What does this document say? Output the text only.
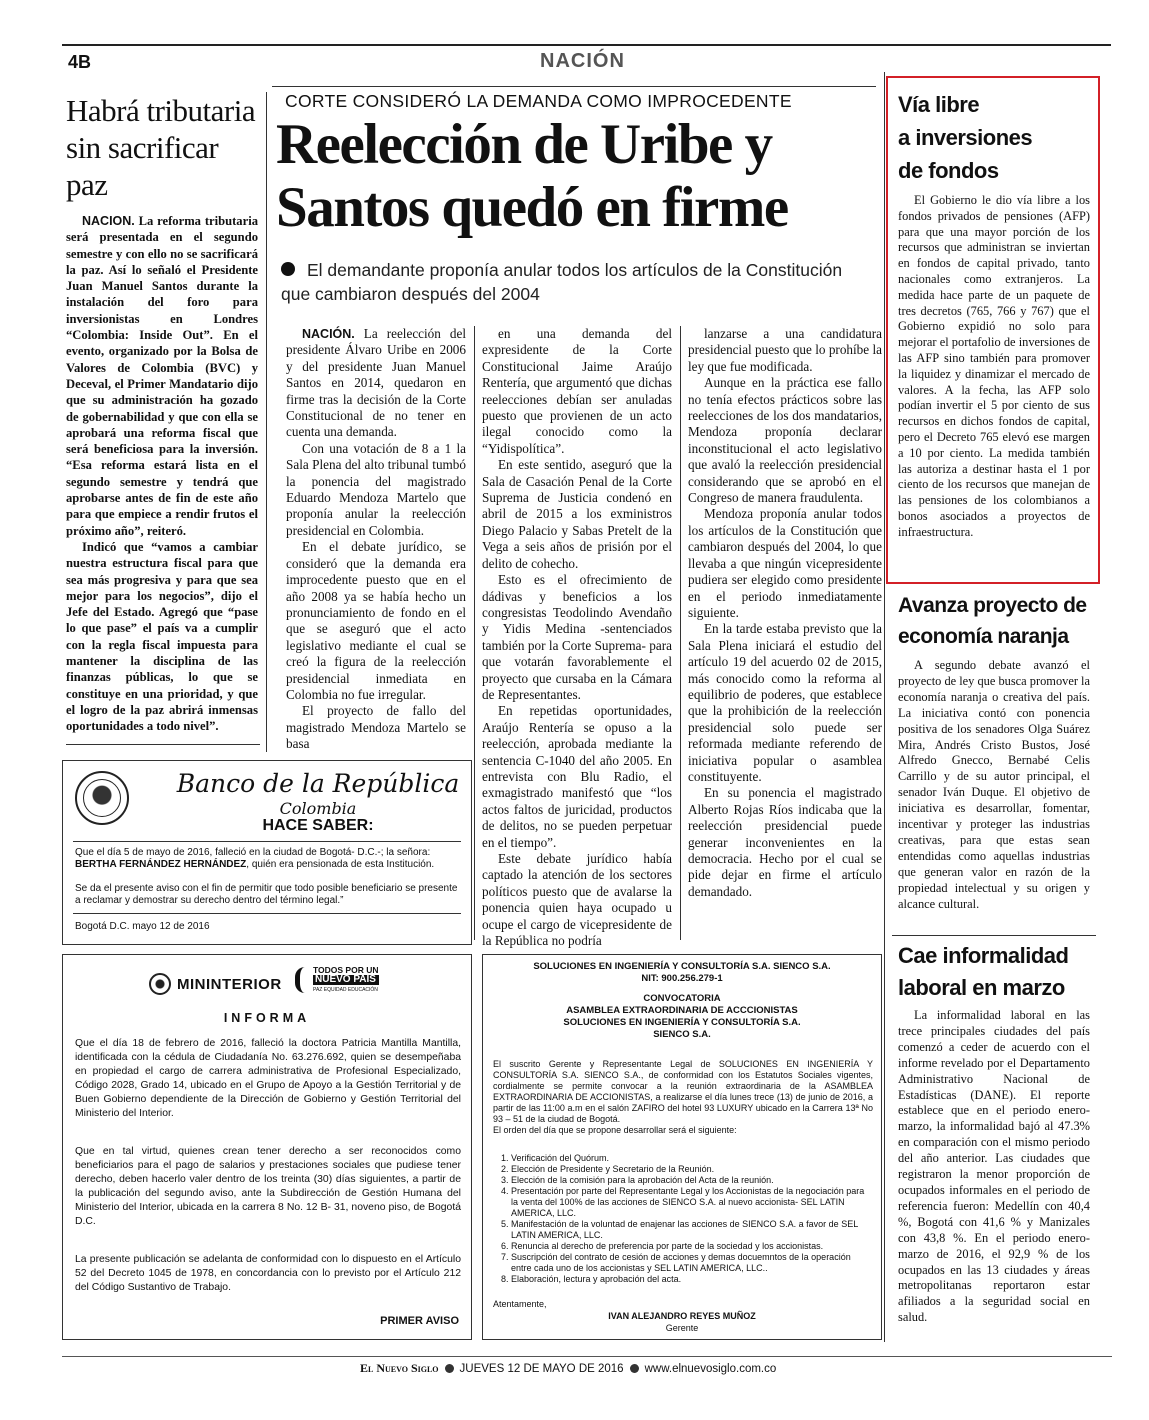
4B	NACIÓN
Habrá tributaria sin sacrificar paz

NACION. La reforma tributaria será presentada en el segundo semestre y con ello no se sacrificará la paz. Así lo señaló el Presidente Juan Manuel Santos durante la instalación del foro para inversionistas en Londres “Colombia: Inside Out”. En el evento, organizado por la Bolsa de Valores de Colombia (BVC) y Deceval, el Primer Mandatario dijo que su administración ha gozado de gobernabilidad y que con ella se aprobará una reforma fiscal que será beneficiosa para la inversión. “Esa reforma estará lista en el segundo semestre y tendrá que aprobarse antes de fin de este año para que empiece a rendir frutos el próximo año”, reiteró.

Indicó que “vamos a cambiar nuestra estructura fiscal para que sea más progresiva y para que sea mejor para los negocios”, dijo el Jefe del Estado. Agregó que “pase lo que pase” el país va a cumplir con la regla fiscal impuesta para mantener la disciplina de las finanzas públicas, lo que se constituye en una prioridad, y que el logro de la paz abrirá inmensas oportunidades a todo nivel”.

CORTE CONSIDERÓ LA DEMANDA COMO IMPROCEDENTE
Reelección de Uribe y
Santos quedó en firme

El demandante proponía anular todos los artículos de la Constitución que cambiaron después del 2004

NACIÓN. La reelección del presidente Álvaro Uribe en 2006 y del presidente Juan Manuel Santos en 2014, quedaron en firme tras la decisión de la Corte Constitucional de no tener en cuenta una demanda.

Con una votación de 8 a 1 la Sala Plena del alto tribunal tumbó la ponencia del magistrado Eduardo Mendoza Martelo que proponía anular la reelección presidencial en Colombia.

En el debate jurídico, se consideró que la demanda era improcedente puesto que en el año 2008 ya se había hecho un pronunciamiento de fondo en el que se aseguró que el acto legislativo mediante el cual se creó la figura de la reelección presidencial inmediata en Colombia no fue irregular.

El proyecto de fallo del magistrado Mendoza Martelo se basa

en una demanda del expresidente de la Corte Constitucional Jaime Araújo Rentería, que argumentó que dichas reelecciones debían ser anuladas puesto que provienen de un acto ilegal conocido como la “Yidispolítica”.

En este sentido, aseguró que la Sala de Casación Penal de la Corte Suprema de Justicia condenó en abril de 2015 a los exministros Diego Palacio y Sabas Pretelt de la Vega a seis años de prisión por el delito de cohecho.

Esto es el ofrecimiento de dádivas y beneficios a los congresistas Teodolindo Avendaño y Yidis Medina -sentenciados también por la Corte Suprema- para que votarán favorablemente el proyecto que cursaba en la Cámara de Representantes.

En repetidas oportunidades, Araújo Rentería se opuso a la reelección, aprobada mediante la sentencia C-1040 del año 2005. En entrevista con Blu Radio, el exmagistrado manifestó que “los actos faltos de juricidad, productos de delitos, no se pueden perpetuar en el tiempo”.

Este debate jurídico había captado la atención de los sectores políticos puesto que de avalarse la ponencia quien haya ocupado u ocupe el cargo de vicepresidente de la República no podría

lanzarse a una candidatura presidencial puesto que lo prohíbe la ley que fue modificada.

Aunque en la práctica ese fallo no tenía efectos prácticos sobre las reelecciones de los dos mandatarios, Mendoza proponía declarar inconstitucional el acto legislativo que avaló la reelección presidencial considerando que se aprobó en el Congreso de manera fraudulenta.

Mendoza proponía anular todos los artículos de la Constitución que cambiaron después del 2004, lo que llevaba a que ningún vicepresidente pudiera ser elegido como presidente en el periodo inmediatamente siguiente.

En la tarde estaba previsto que la Sala Plena iniciará el estudio del artículo 19 del acuerdo 02 de 2015, más conocido como la reforma al equilibrio de poderes, que establece que la prohibición de la reelección presidencial solo puede ser reformada mediante referendo de iniciativa popular o asamblea constituyente.

En su ponencia el magistrado Alberto Rojas Ríos indicaba que la reelección presidencial puede generar inconvenientes en la democracia. Hecho por el cual se pide dejar en firme el artículo demandado.

Vía libre
a inversiones
de fondos

El Gobierno le dio vía libre a los fondos privados de pensiones (AFP) para que una mayor porción de los recursos que administran se inviertan en fondos de capital privado, tanto nacionales como extranjeros. La medida hace parte de un paquete de tres decretos (765, 766 y 767) que el Gobierno expidió no solo para mejorar el portafolio de inversiones de las AFP sino también para promover la liquidez y dinamizar el mercado de valores. A la fecha, las AFP solo podían invertir el 5 por ciento de sus recursos en dichos fondos de capital, pero el Decreto 765 elevó ese margen a 10 por ciento. La medida también las autoriza a destinar hasta el 1 por ciento de los recursos que manejan de las pensiones de los colombianos a bonos asociados a proyectos de infraestructura.

Avanza proyecto de
economía naranja

A segundo debate avanzó el proyecto de ley que busca promover la economía naranja o creativa del país. La iniciativa contó con ponencia positiva de los senadores Olga Suárez Mira, Andrés Cristo Bustos, José Alfredo Gnecco, Bernabé Celis Carrillo y de su autor principal, el senador Iván Duque. El objetivo de iniciativa es desarrollar, fomentar, incentivar y proteger las industrias creativas, para que estas sean entendidas como aquellas industrias que generan valor en razón de la propiedad intelectual y su origen y alcance cultural.

Cae informalidad
laboral en marzo

La informalidad laboral en las trece principales ciudades del país comenzó a ceder de acuerdo con el informe revelado por el Departamento Administrativo Nacional de Estadísticas (DANE). El reporte establece que en el periodo enero-marzo, la informalidad bajó al 47.3% en comparación con el mismo periodo del año anterior. Las ciudades que registraron la menor proporción de ocupados informales en el periodo de referencia fueron: Medellín con 40,4 %, Bogotá con 41,6 % y Manizales con 43,8 %. En el periodo enero-marzo de 2016, el 92,9 % de los ocupados en las 13 ciudades y áreas metropolitanas reportaron estar afiliados a la seguridad social en salud.

Banco de la República
Colombia
HACE SABER:

Que el día 5 de mayo de 2016, falleció en la ciudad de Bogotá- D.C.-; la señora: BERTHA FERNÁNDEZ HERNÁNDEZ, quién era pensionada de esta Institución.

Se da el presente aviso con el fin de permitir que todo posible beneficiario se presente a reclamar y demostrar su derecho dentro del término legal.”

Bogotá D.C. mayo 12 de 2016

MININTERIOR
TODOS POR UN
NUEVO PAÍS
PAZ EQUIDAD EDUCACIÓN
INFORMA

Que el día 18 de febrero de 2016, falleció la doctora Patricia Mantilla Mantilla, identificada con la cédula de Ciudadanía No. 63.276.692, quien se desempeñaba en propiedad el cargo de carrera administrativa de Profesional Especializado, Código 2028, Grado 14, ubicado en el Grupo de Apoyo a la Gestión Territorial y de Buen Gobierno dependiente de la Dirección de Gobierno y Gestión Territorial del Ministerio del Interior.

Que en tal virtud, quienes crean tener derecho a ser reconocidos como beneficiarios para el pago de salarios y prestaciones sociales que pudiese tener derecho, deben hacerlo valer dentro de los treinta (30) días siguientes, a partir de la publicación del segundo aviso, ante la Subdirección de Gestión Humana del Ministerio del Interior, ubicada en la carrera 8 No. 12 B- 31, noveno piso, de Bogotá D.C.

La presente publicación se adelanta de conformidad con lo dispuesto en el Artículo 52 del Decreto 1045 de 1978, en concordancia con lo previsto por el Artículo 212 del Código Sustantivo de Trabajo.

PRIMER AVISO
SOLUCIONES EN INGENIERÍA Y CONSULTORÍA S.A. SIENCO S.A.
NIT: 900.256.279-1
CONVOCATORIA
ASAMBLEA EXTRAORDINARIA DE ACCCIONISTAS
SOLUCIONES EN INGENIERÍA Y CONSULTORÍA S.A.
SIENCO S.A.

El suscrito Gerente y Representante Legal de SOLUCIONES EN INGENIERÍA Y CONSULTORÍA S.A. SIENCO S.A., de conformidad con los Estatutos Sociales vigentes, cordialmente se permite convocar a la reunión extraordinaria de la ASAMBLEA EXTRAORDINARIA DE ACCIONISTAS, a realizarse el día lunes trece (13) de junio de 2016, a partir de las 11:00 a.m en el salón ZAFIRO del hotel 93 LUXURY ubicado en la Carrera 13ª No 93 – 51 de la ciudad de Bogotá.

El orden del día que se propone desarrollar será el siguiente:

1. Verificación del Quórum.
2. Elección de Presidente y Secretario de la Reunión.
3. Elección de la comisión para la aprobación del Acta de la reunión.
4. Presentación por parte del Representante Legal y los Accionistas de la negociación para la venta del 100% de las acciones de SIENCO S.A. al nuevo accionista- SEL LATIN AMERICA, LLC.
5. Manifestación de la voluntad de enajenar las acciones de SIENCO S.A. a favor de SEL LATIN AMERICA, LLC.
6. Renuncia al derecho de preferencia por parte de la sociedad y los accionistas.
7. Suscripción del contrato de cesión de acciones y demas docuemntos de la operación entre cada uno de los accionistas y SEL LATIN AMERICA, LLC..
8. Elaboración, lectura y aprobación del acta.

Atentamente,

IVAN ALEJANDRO REYES MUÑOZ

Gerente

El Nuevo Siglo JUEVES 12 DE MAYO DE 2016 www.elnuevosiglo.com.co
